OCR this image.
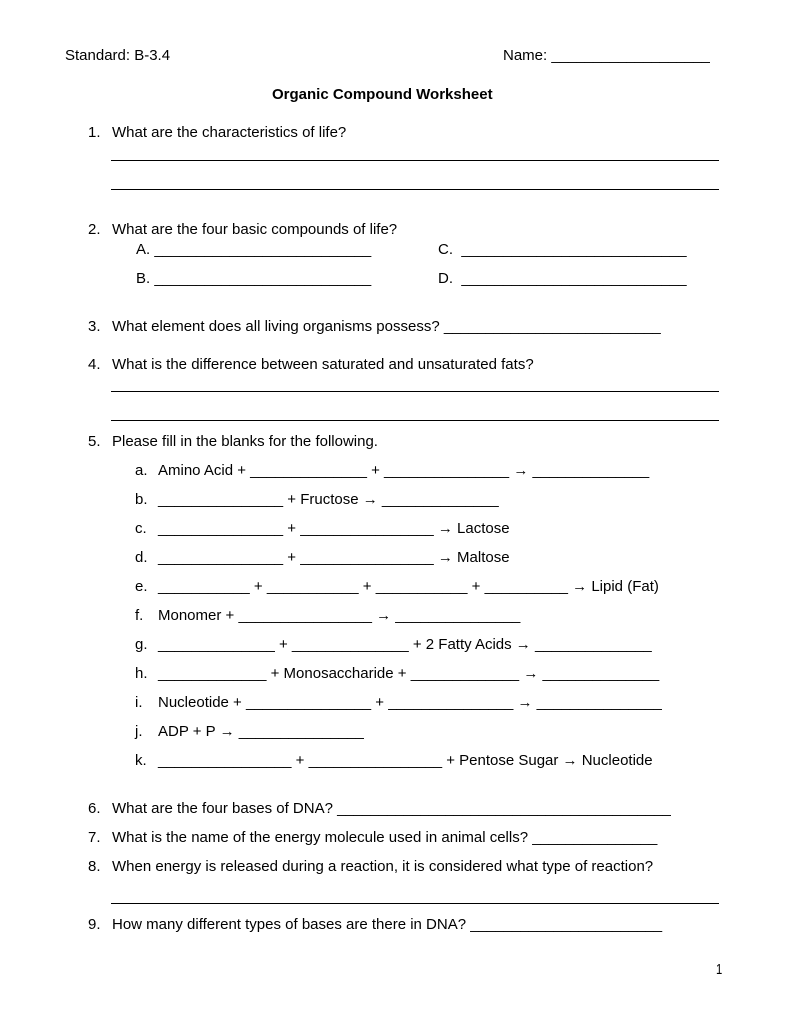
Standard: B-3.4	Name: ___________________
Organic Compound Worksheet
1. What are the characteristics of life?
2. What are the four basic compounds of life?
A. __________________________	C.  ___________________________
B. __________________________	D.  ___________________________
3. What element does all living organisms possess? __________________________
4. What is the difference between saturated and unsaturated fats?
5. Please fill in the blanks for the following.
a. Amino Acid + ______________ + _______________ → ______________
b. _______________ + Fructose → ______________
c. _______________ + ________________ → Lactose
d. _______________ + ________________ → Maltose
e. ___________ + ___________ + ___________ + __________ → Lipid (Fat)
f. Monomer + ________________ → _______________
g. ______________ + ______________ + 2 Fatty Acids → ______________
h. _____________ + Monosaccharide + _____________ → ______________
i. Nucleotide + _______________ + _______________ → _______________
j. ADP + P → _______________
k. ________________ + ________________ + Pentose Sugar → Nucleotide
6. What are the four bases of DNA? ________________________________________
7. What is the name of the energy molecule used in animal cells? _______________
8. When energy is released during a reaction, it is considered what type of reaction?
9. How many different types of bases are there in DNA? _______________________
1
